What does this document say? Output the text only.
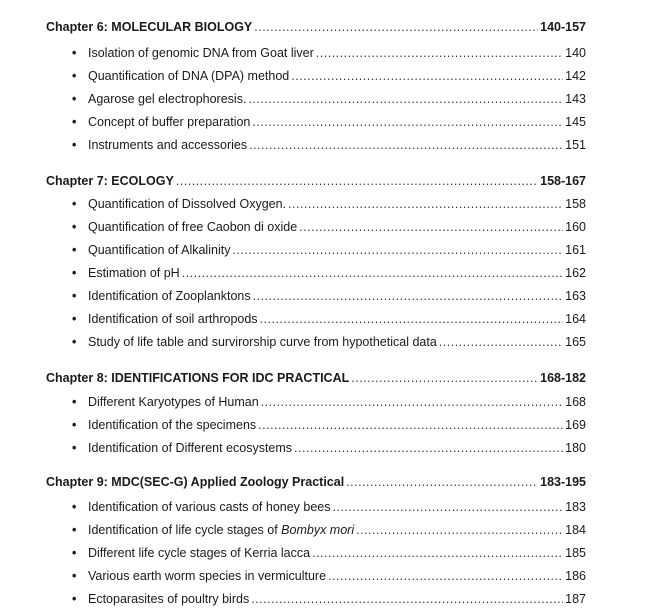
Chapter 6: MOLECULAR BIOLOGY .....	140-157
• Isolation of genomic DNA from Goat liver .....	140
• Quantification of DNA (DPA) method .....	142
• Agarose gel electrophoresis. .....	143
• Concept of buffer preparation .....	145
• Instruments and accessories .....	151
Chapter 7: ECOLOGY .....	158-167
• Quantification of Dissolved Oxygen. .....	158
• Quantification of free Caobon di oxide .....	160
• Quantification of Alkalinity .....	161
• Estimation of pH .....	162
• Identification of Zooplanktons .....	163
• Identification of soil arthropods .....	164
• Study of life table and survirorship curve from hypothetical data .....	165
Chapter 8: IDENTIFICATIONS FOR IDC PRACTICAL .....	168-182
• Different Karyotypes of Human .....	168
• Identification of the specimens .....	169
• Identification of Different ecosystems .....	180
Chapter 9: MDC(SEC-G) Applied Zoology Practical .....	183-195
• Identification of various casts of honey bees .....	183
• Identification of life cycle stages of Bombyx mori .....	184
• Different life cycle stages of Kerria lacca .....	185
• Various earth worm species in vermiculture .....	186
• Ectoparasites of poultry birds .....	187
